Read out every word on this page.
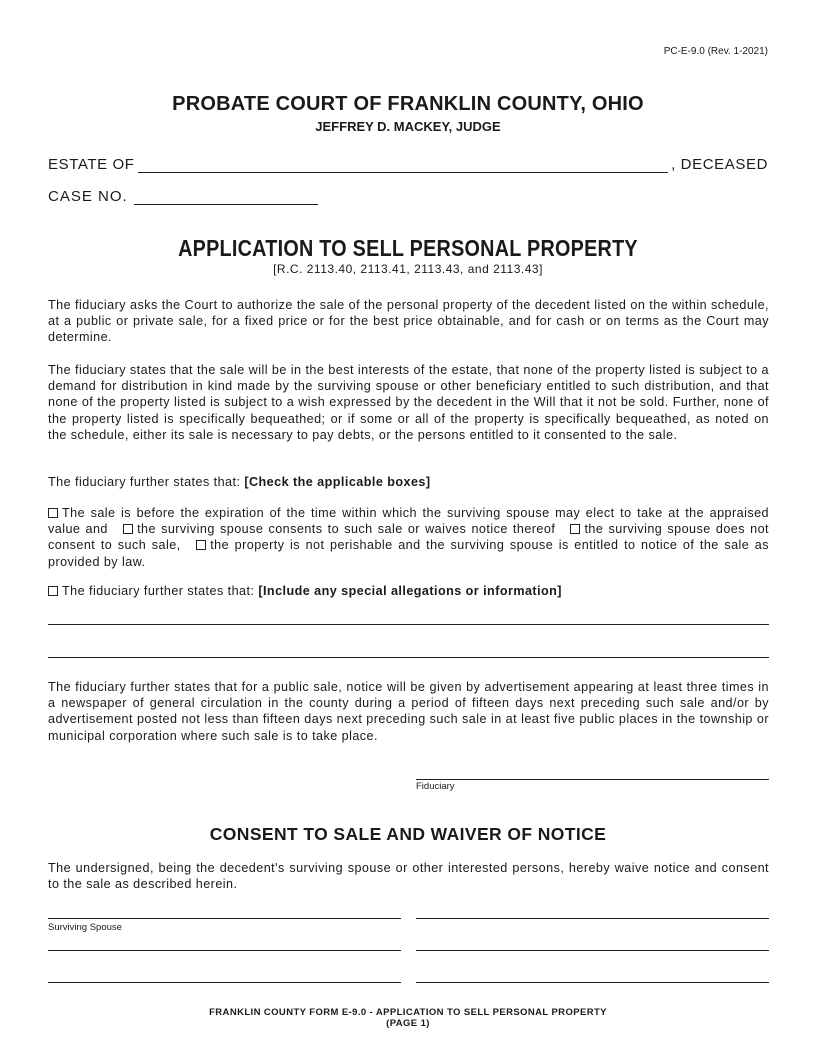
PC-E-9.0 (Rev. 1-2021)
PROBATE COURT OF FRANKLIN COUNTY, OHIO
JEFFREY D. MACKEY, JUDGE
ESTATE OF	, DECEASED
CASE NO.
APPLICATION TO SELL PERSONAL PROPERTY
[R.C. 2113.40, 2113.41, 2113.43, and 2113.43]
The fiduciary asks the Court to authorize the sale of the personal property of the decedent listed on the within schedule, at a public or private sale, for a fixed price or for the best price obtainable, and for cash or on terms as the Court may determine.
The fiduciary states that the sale will be in the best interests of the estate, that none of the property listed is subject to a demand for distribution in kind made by the surviving spouse or other beneficiary entitled to such distribution, and that none of the property listed is subject to a wish expressed by the decedent in the Will that it not be sold. Further, none of the property listed is specifically bequeathed; or if some or all of the property is specifically bequeathed, as noted on the schedule, either its sale is necessary to pay debts, or the persons entitled to it consented to the sale.
The fiduciary further states that: [Check the applicable boxes]
The sale is before the expiration of the time within which the surviving spouse may elect to take at the appraised value and the surviving spouse consents to such sale or waives notice thereof the surviving spouse does not consent to such sale, the property is not perishable and the surviving spouse is entitled to notice of the sale as provided by law.
The fiduciary further states that: [Include any special allegations or information]
The fiduciary further states that for a public sale, notice will be given by advertisement appearing at least three times in a newspaper of general circulation in the county during a period of fifteen days next preceding such sale and/or by advertisement posted not less than fifteen days next preceding such sale in at least five public places in the township or municipal corporation where such sale is to take place.
Fiduciary
CONSENT TO SALE AND WAIVER OF NOTICE
The undersigned, being the decedent's surviving spouse or other interested persons, hereby waive notice and consent to the sale as described herein.
Surviving Spouse
FRANKLIN COUNTY FORM E-9.0 - APPLICATION TO SELL PERSONAL PROPERTY
(PAGE 1)
